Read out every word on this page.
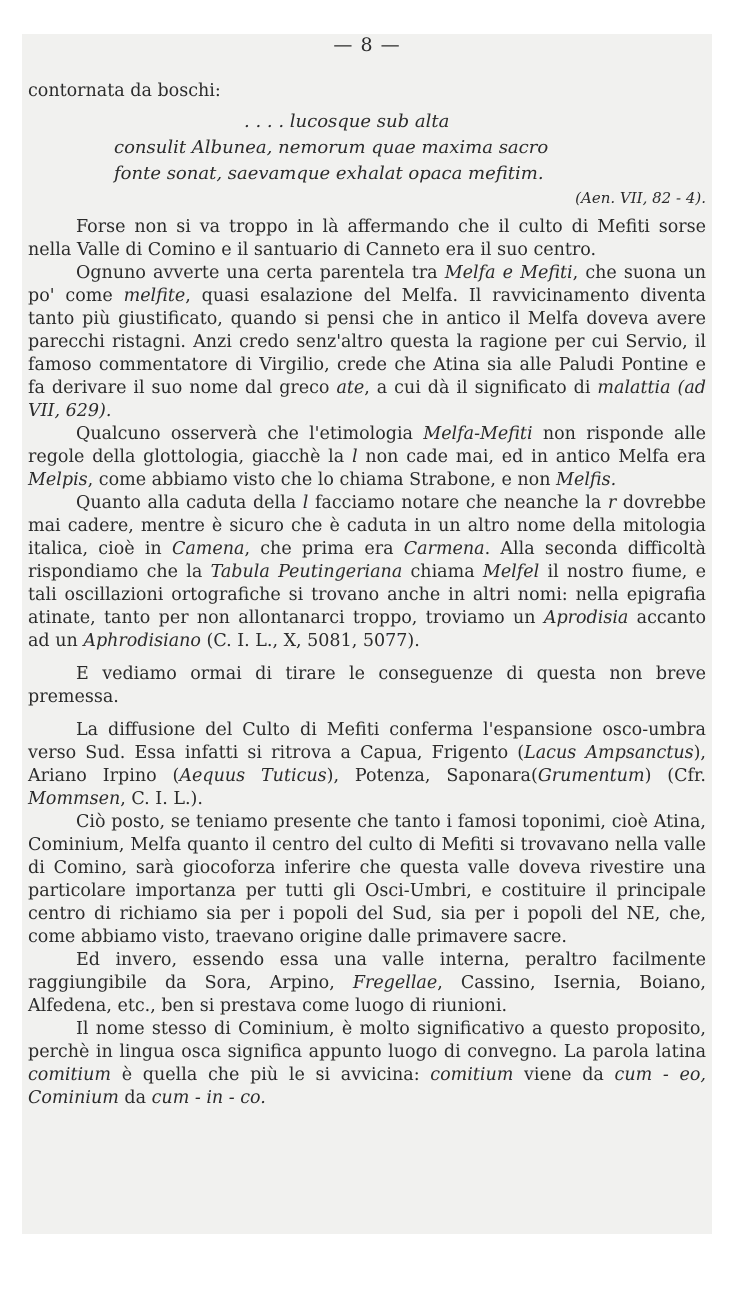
— 8 —

contornata da boschi:

. . . . lucosque sub alta
consulit Albunea, nemorum quae maxima sacro
fonte sonat, saevamque exhalat opaca mefitim.
(Aen. VII, 82 - 4).

Forse non si va troppo in là affermando che il culto di Mefiti sorse nella Valle di Comino e il santuario di Canneto era il suo centro.

Ognuno avverte una certa parentela tra Melfa e Mefiti, che suona un po' come melfite, quasi esalazione del Melfa. Il ravvicinamento diventa tanto più giustificato, quando si pensi che in antico il Melfa doveva avere parecchi ristagni. Anzi credo senz'altro questa la ragione per cui Servio, il famoso commentatore di Virgilio, crede che Atina sia alle Paludi Pontine e fa derivare il suo nome dal greco ate, a cui dà il significato di malattia (ad VII, 629).

Qualcuno osserverà che l'etimologia Melfa-Mefiti non risponde alle regole della glottologia, giacchè la l non cade mai, ed in antico Melfa era Melpis, come abbiamo visto che lo chiama Strabone, e non Melfis.

Quanto alla caduta della l facciamo notare che neanche la r dovrebbe mai cadere, mentre è sicuro che è caduta in un altro nome della mitologia italica, cioè in Camena, che prima era Carmena. Alla seconda difficoltà rispondiamo che la Tabula Peutingeriana chiama Melfel il nostro fiume, e tali oscillazioni ortografiche si trovano anche in altri nomi: nella epigrafia atinate, tanto per non allontanarci troppo, troviamo un Aprodisia accanto ad un Aphrodisiano (C. I. L., X, 5081, 5077).

E vediamo ormai di tirare le conseguenze di questa non breve premessa.

La diffusione del Culto di Mefiti conferma l'espansione osco-umbra verso Sud. Essa infatti si ritrova a Capua, Frigento (Lacus Ampsanctus), Ariano Irpino (Aequus Tuticus), Potenza, Saponara(Grumentum) (Cfr. Mommsen, C. I. L.).

Ciò posto, se teniamo presente che tanto i famosi toponimi, cioè Atina, Cominium, Melfa quanto il centro del culto di Mefiti si trovavano nella valle di Comino, sarà giocoforza inferire che questa valle doveva rivestire una particolare importanza per tutti gli Osci-Umbri, e costituire il principale centro di richiamo sia per i popoli del Sud, sia per i popoli del NE, che, come abbiamo visto, traevano origine dalle primavere sacre.

Ed invero, essendo essa una valle interna, peraltro facilmente raggiungibile da Sora, Arpino, Fregellae, Cassino, Isernia, Boiano, Alfedena, etc., ben si prestava come luogo di riunioni.

Il nome stesso di Cominium, è molto significativo a questo proposito, perchè in lingua osca significa appunto luogo di convegno. La parola latina comitium è quella che più le si avvicina: comitium viene da cum - eo, Cominium da cum - in - co.
